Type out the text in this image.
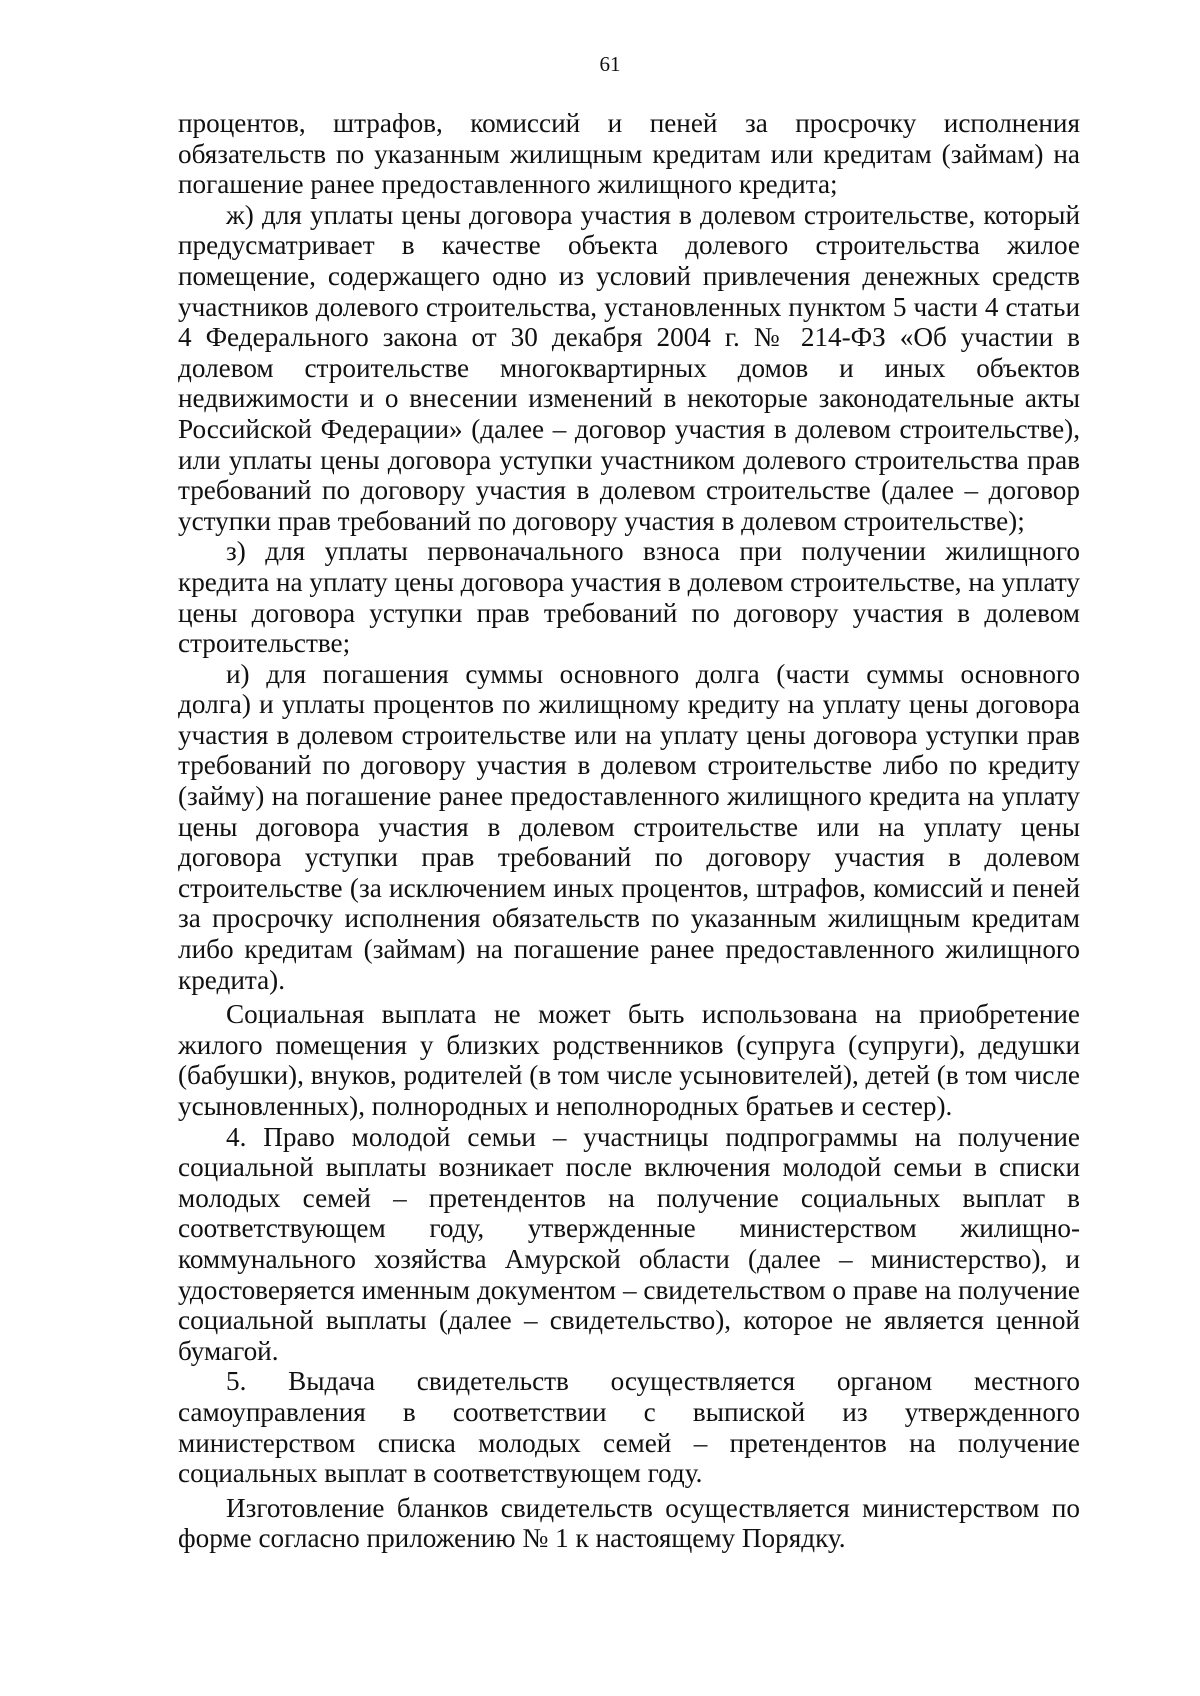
61

процентов, штрафов, комиссий и пеней за просрочку исполнения обязательств по указанным жилищным кредитам или кредитам (займам) на погашение ранее предоставленного жилищного кредита;

ж) для уплаты цены договора участия в долевом строительстве, который предусматривает в качестве объекта долевого строительства жилое помещение, содержащего одно из условий привлечения денежных средств участников долевого строительства, установленных пунктом 5 части 4 статьи 4 Федерального закона от 30 декабря 2004 г. № 214-ФЗ «Об участии в долевом строительстве многоквартирных домов и иных объектов недвижимости и о внесении изменений в некоторые законодательные акты Российской Федерации» (далее – договор участия в долевом строительстве), или уплаты цены договора уступки участником долевого строительства прав требований по договору участия в долевом строительстве (далее – договор уступки прав требований по договору участия в долевом строительстве);

з) для уплаты первоначального взноса при получении жилищного кредита на уплату цены договора участия в долевом строительстве, на уплату цены договора уступки прав требований по договору участия в долевом строительстве;

и) для погашения суммы основного долга (части суммы основного долга) и уплаты процентов по жилищному кредиту на уплату цены договора участия в долевом строительстве или на уплату цены договора уступки прав требований по договору участия в долевом строительстве либо по кредиту (займу) на погашение ранее предоставленного жилищного кредита на уплату цены договора участия в долевом строительстве или на уплату цены договора уступки прав требований по договору участия в долевом строительстве (за исключением иных процентов, штрафов, комиссий и пеней за просрочку исполнения обязательств по указанным жилищным кредитам либо кредитам (займам) на погашение ранее предоставленного жилищного кредита).

Социальная выплата не может быть использована на приобретение жилого помещения у близких родственников (супруга (супруги), дедушки (бабушки), внуков, родителей (в том числе усыновителей), детей (в том числе усыновленных), полнородных и неполнородных братьев и сестер).

4. Право молодой семьи – участницы подпрограммы на получение социальной выплаты возникает после включения молодой семьи в списки молодых семей – претендентов на получение социальных выплат в соответствующем году, утвержденные министерством жилищно-коммунального хозяйства Амурской области (далее – министерство), и удостоверяется именным документом – свидетельством о праве на получение социальной выплаты (далее – свидетельство), которое не является ценной бумагой.

5. Выдача свидетельств осуществляется органом местного самоуправления в соответствии с выпиской из утвержденного министерством списка молодых семей – претендентов на получение социальных выплат в соответствующем году.

Изготовление бланков свидетельств осуществляется министерством по форме согласно приложению № 1 к настоящему Порядку.
